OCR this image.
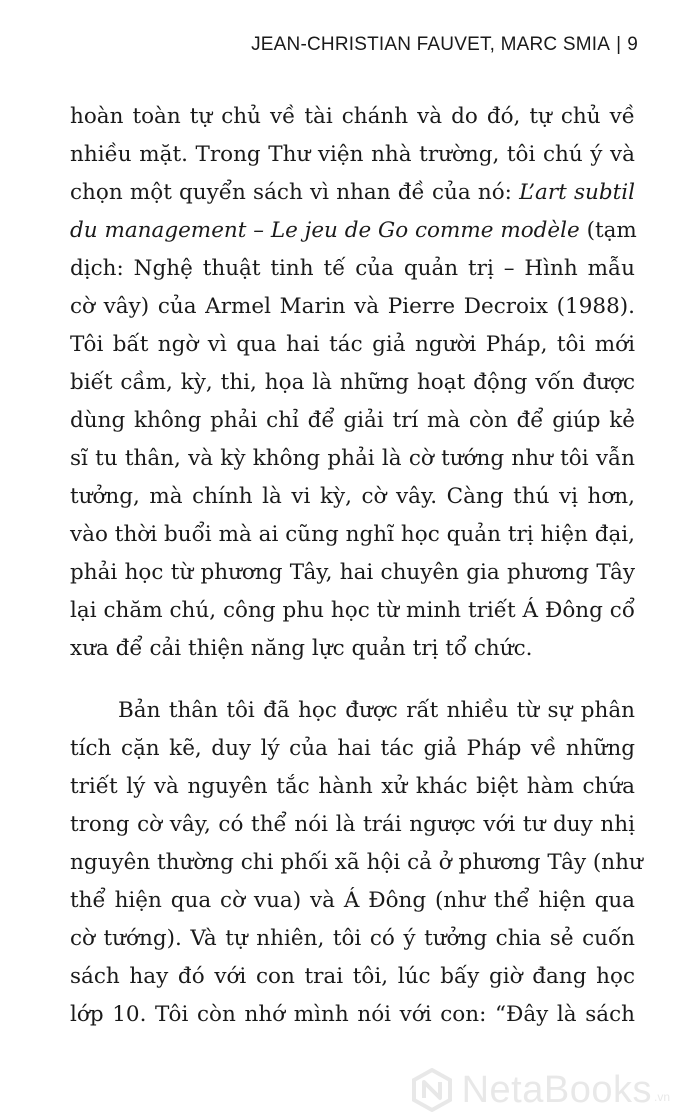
JEAN-CHRISTIAN FAUVET, MARC SMIA | 9
hoàn toàn tự chủ về tài chánh và do đó, tự chủ về
nhiều mặt. Trong Thư viện nhà trường, tôi chú ý và
chọn một quyển sách vì nhan đề của nó: L’art subtil
du management – Le jeu de Go comme modèle (tạm
dịch: Nghệ thuật tinh tế của quản trị – Hình mẫu
cờ vây) của Armel Marin và Pierre Decroix (1988).
Tôi bất ngờ vì qua hai tác giả người Pháp, tôi mới
biết cầm, kỳ, thi, họa là những hoạt động vốn được
dùng không phải chỉ để giải trí mà còn để giúp kẻ
sĩ tu thân, và kỳ không phải là cờ tướng như tôi vẫn
tưởng, mà chính là vi kỳ, cờ vây. Càng thú vị hơn,
vào thời buổi mà ai cũng nghĩ học quản trị hiện đại,
phải học từ phương Tây, hai chuyên gia phương Tây
lại chăm chú, công phu học từ minh triết Á Đông cổ
xưa để cải thiện năng lực quản trị tổ chức.
Bản thân tôi đã học được rất nhiều từ sự phân
tích cặn kẽ, duy lý của hai tác giả Pháp về những
triết lý và nguyên tắc hành xử khác biệt hàm chứa
trong cờ vây, có thể nói là trái ngược với tư duy nhị
nguyên thường chi phối xã hội cả ở phương Tây (như
thể hiện qua cờ vua) và Á Đông (như thể hiện qua
cờ tướng). Và tự nhiên, tôi có ý tưởng chia sẻ cuốn
sách hay đó với con trai tôi, lúc bấy giờ đang học
lớp 10. Tôi còn nhớ mình nói với con: “Đây là sách
NetaBooks .vn
